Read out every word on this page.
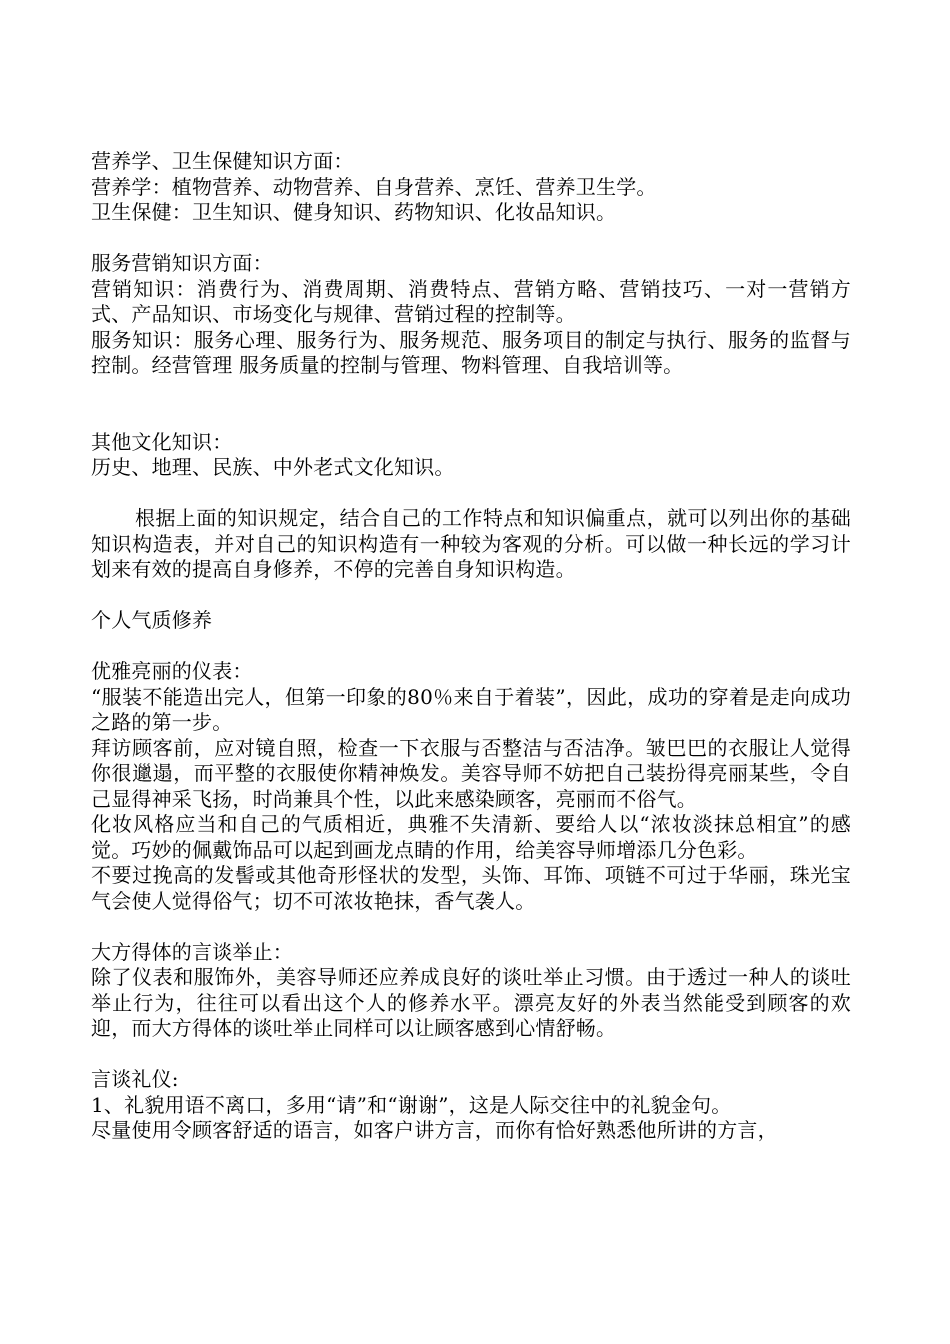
营养学、卫生保健知识方面：

营养学：植物营养、动物营养、自身营养、烹饪、营养卫生学。

卫生保健：卫生知识、健身知识、药物知识、化妆品知识。

服务营销知识方面：

营销知识：消费行为、消费周期、消费特点、营销方略、营销技巧、一对一营销方式、产品知识、市场变化与规律、营销过程的控制等。

服务知识：服务心理、服务行为、服务规范、服务项目的制定与执行、服务的监督与控制。经营管理 服务质量的控制与管理、物料管理、自我培训等。

其他文化知识：

历史、地理、民族、中外老式文化知识。

根据上面的知识规定，结合自己的工作特点和知识偏重点，就可以列出你的基础知识构造表，并对自己的知识构造有一种较为客观的分析。可以做一种长远的学习计划来有效的提高自身修养，不停的完善自身知识构造。

个人气质修养

优雅亮丽的仪表：

“服装不能造出完人，但第一印象的80％来自于着装”，因此，成功的穿着是走向成功之路的第一步。

拜访顾客前，应对镜自照，检查一下衣服与否整洁与否洁净。皱巴巴的衣服让人觉得你很邋遢，而平整的衣服使你精神焕发。美容导师不妨把自己装扮得亮丽某些，令自己显得神采飞扬，时尚兼具个性，以此来感染顾客，亮丽而不俗气。

化妆风格应当和自己的气质相近，典雅不失清新、要给人以“浓妆淡抹总相宜”的感觉。巧妙的佩戴饰品可以起到画龙点睛的作用，给美容导师增添几分色彩。

不要过挽高的发髻或其他奇形怪状的发型，头饰、耳饰、项链不可过于华丽，珠光宝气会使人觉得俗气；切不可浓妆艳抹，香气袭人。

大方得体的言谈举止：

除了仪表和服饰外，美容导师还应养成良好的谈吐举止习惯。由于透过一种人的谈吐举止行为，往往可以看出这个人的修养水平。漂亮友好的外表当然能受到顾客的欢迎，而大方得体的谈吐举止同样可以让顾客感到心情舒畅。

言谈礼仪:

1、礼貌用语不离口，多用“请”和“谢谢”，这是人际交往中的礼貌金句。

尽量使用令顾客舒适的语言，如客户讲方言，而你有恰好熟悉他所讲的方言，
